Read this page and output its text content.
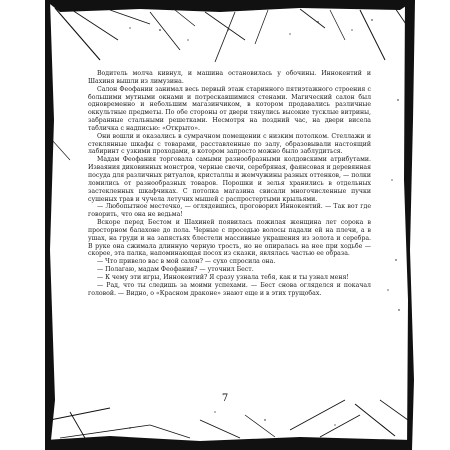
Водитель молча кивнул, и машина остановилась у обочины. Иннокентий и Шахиня вышли из лимузина.

Салон Феофании занимал весь первый этаж старинного пятиэтажного строения с большими мутными окнами и потрескавшимися стенами. Магический салон был одновременно и небольшим магазинчиком, в котором продавались различные оккультные предметы. По обе стороны от двери тянулись высокие тусклые витрины, забранные стальными решетками. Несмотря на поздний час, на двери висела табличка с надписью: «Открыто».

Они вошли и оказались в сумрачном помещении с низким потолком. Стеллажи и стеклянные шкафы с товарами, расставленные по залу, образовывали настоящий лабиринт с узкими проходами, в котором запросто можно было заблудиться.

Мадам Феофания торговала самыми разнообразными колдовскими атрибутами. Изваяния диковинных монстров, черные свечи, серебряная, фаянсовая и деревянная посуда для различных ритуалов, кристаллы и жемчужины разных оттенков, — полки ломились от разнообразных товаров. Порошки и зелья хранились в отдельных застекленных шкафчиках. С потолка магазина свисали многочисленные пучки сушеных трав и чучела летучих мышей с распростертыми крыльями.

— Любопытное местечко, — оглядевшись, проговорил Иннокентий. — Так вот где говорить, что она не ведьма!

Вскоре перед Бестом и Шахиней появилась пожилая женщина лет сорока в просторном балахоне до пола. Черные с проседью волосы падали ей на плечи, а в ушах, на груди и на запястьях блестели массивные украшения из золота и серебра. В руке она сжимала длинную черную трость, но не опиралась на нее при ходьбе — скорее, эта палка, напоминающая посох из сказки, являлась частью ее образа.

— Что привело вас в мой салон? — сухо спросила она.

— Полагаю, мадам Феофания? — уточнил Бест.

— К чему эти игры, Иннокентий? Я сразу узнала тебя, как и ты узнал меня!

— Рад, что ты следишь за моими успехами. — Бест снова огляделся и покачал головой. — Видно, о «Красном драконе» знают еще и в этих трущобах.

7
